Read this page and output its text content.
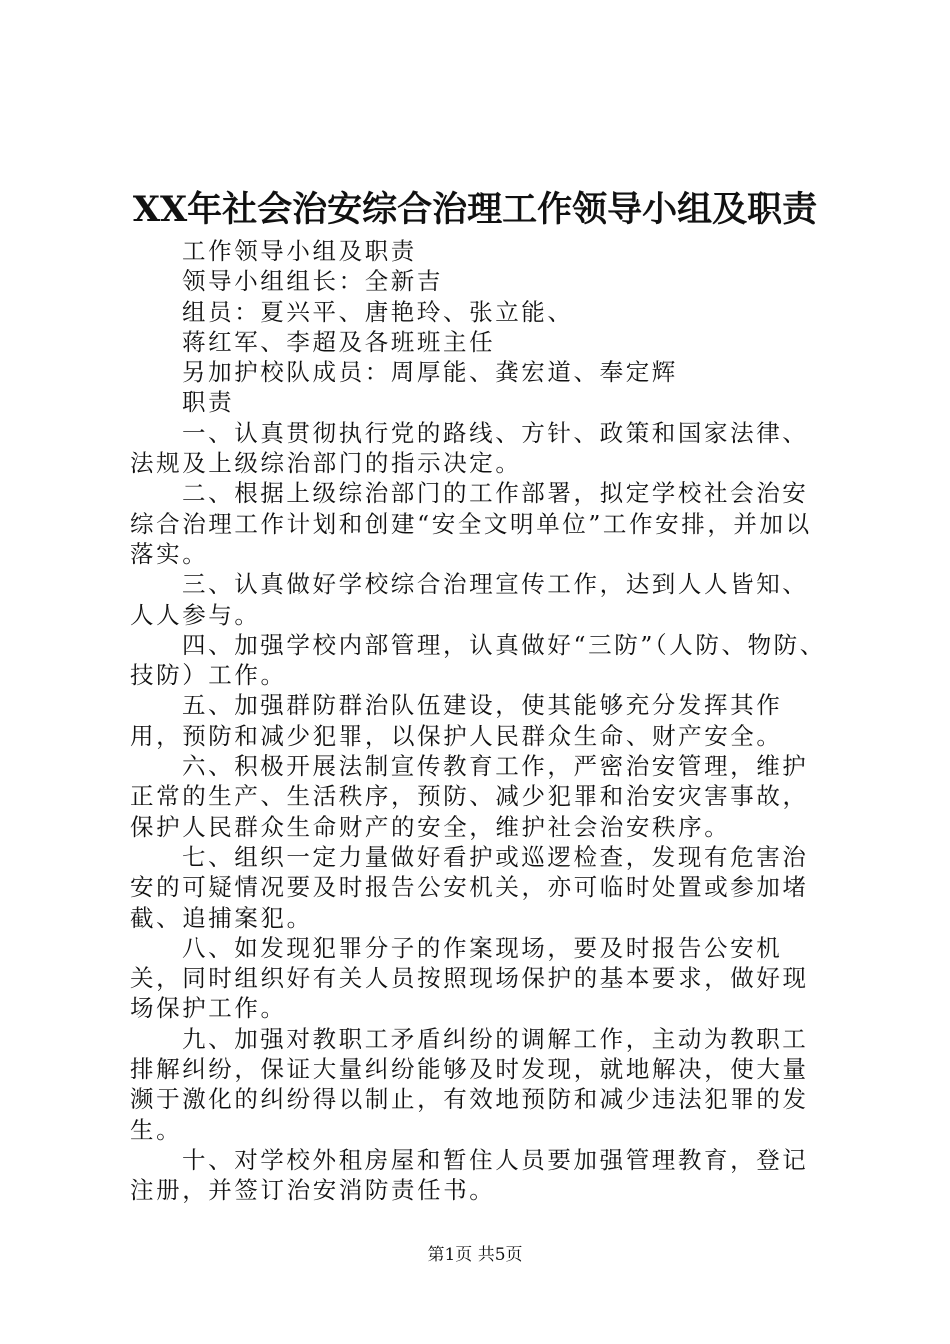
XX年社会治安综合治理工作领导小组及职责

工作领导小组及职责

领导小组组长：全新吉

组员：夏兴平、唐艳玲、张立能、

蒋红军、李超及各班班主任

另加护校队成员：周厚能、龚宏道、奉定辉

职责

一、认真贯彻执行党的路线、方针、政策和国家法律、法规及上级综治部门的指示决定。

二、根据上级综治部门的工作部署，拟定学校社会治安综合治理工作计划和创建“安全文明单位”工作安排，并加以落实。

三、认真做好学校综合治理宣传工作，达到人人皆知、人人参与。

四、加强学校内部管理，认真做好“三防”（人防、物防、技防）工作。

五、加强群防群治队伍建设，使其能够充分发挥其作用，预防和减少犯罪，以保护人民群众生命、财产安全。

六、积极开展法制宣传教育工作，严密治安管理，维护正常的生产、生活秩序，预防、减少犯罪和治安灾害事故，保护人民群众生命财产的安全，维护社会治安秩序。

七、组织一定力量做好看护或巡逻检查，发现有危害治安的可疑情况要及时报告公安机关，亦可临时处置或参加堵截、追捕案犯。

八、如发现犯罪分子的作案现场，要及时报告公安机关，同时组织好有关人员按照现场保护的基本要求，做好现场保护工作。

九、加强对教职工矛盾纠纷的调解工作，主动为教职工排解纠纷，保证大量纠纷能够及时发现，就地解决，使大量濒于激化的纠纷得以制止，有效地预防和减少违法犯罪的发生。

十、对学校外租房屋和暂住人员要加强管理教育，登记注册，并签订治安消防责任书。

第1页 共5页
